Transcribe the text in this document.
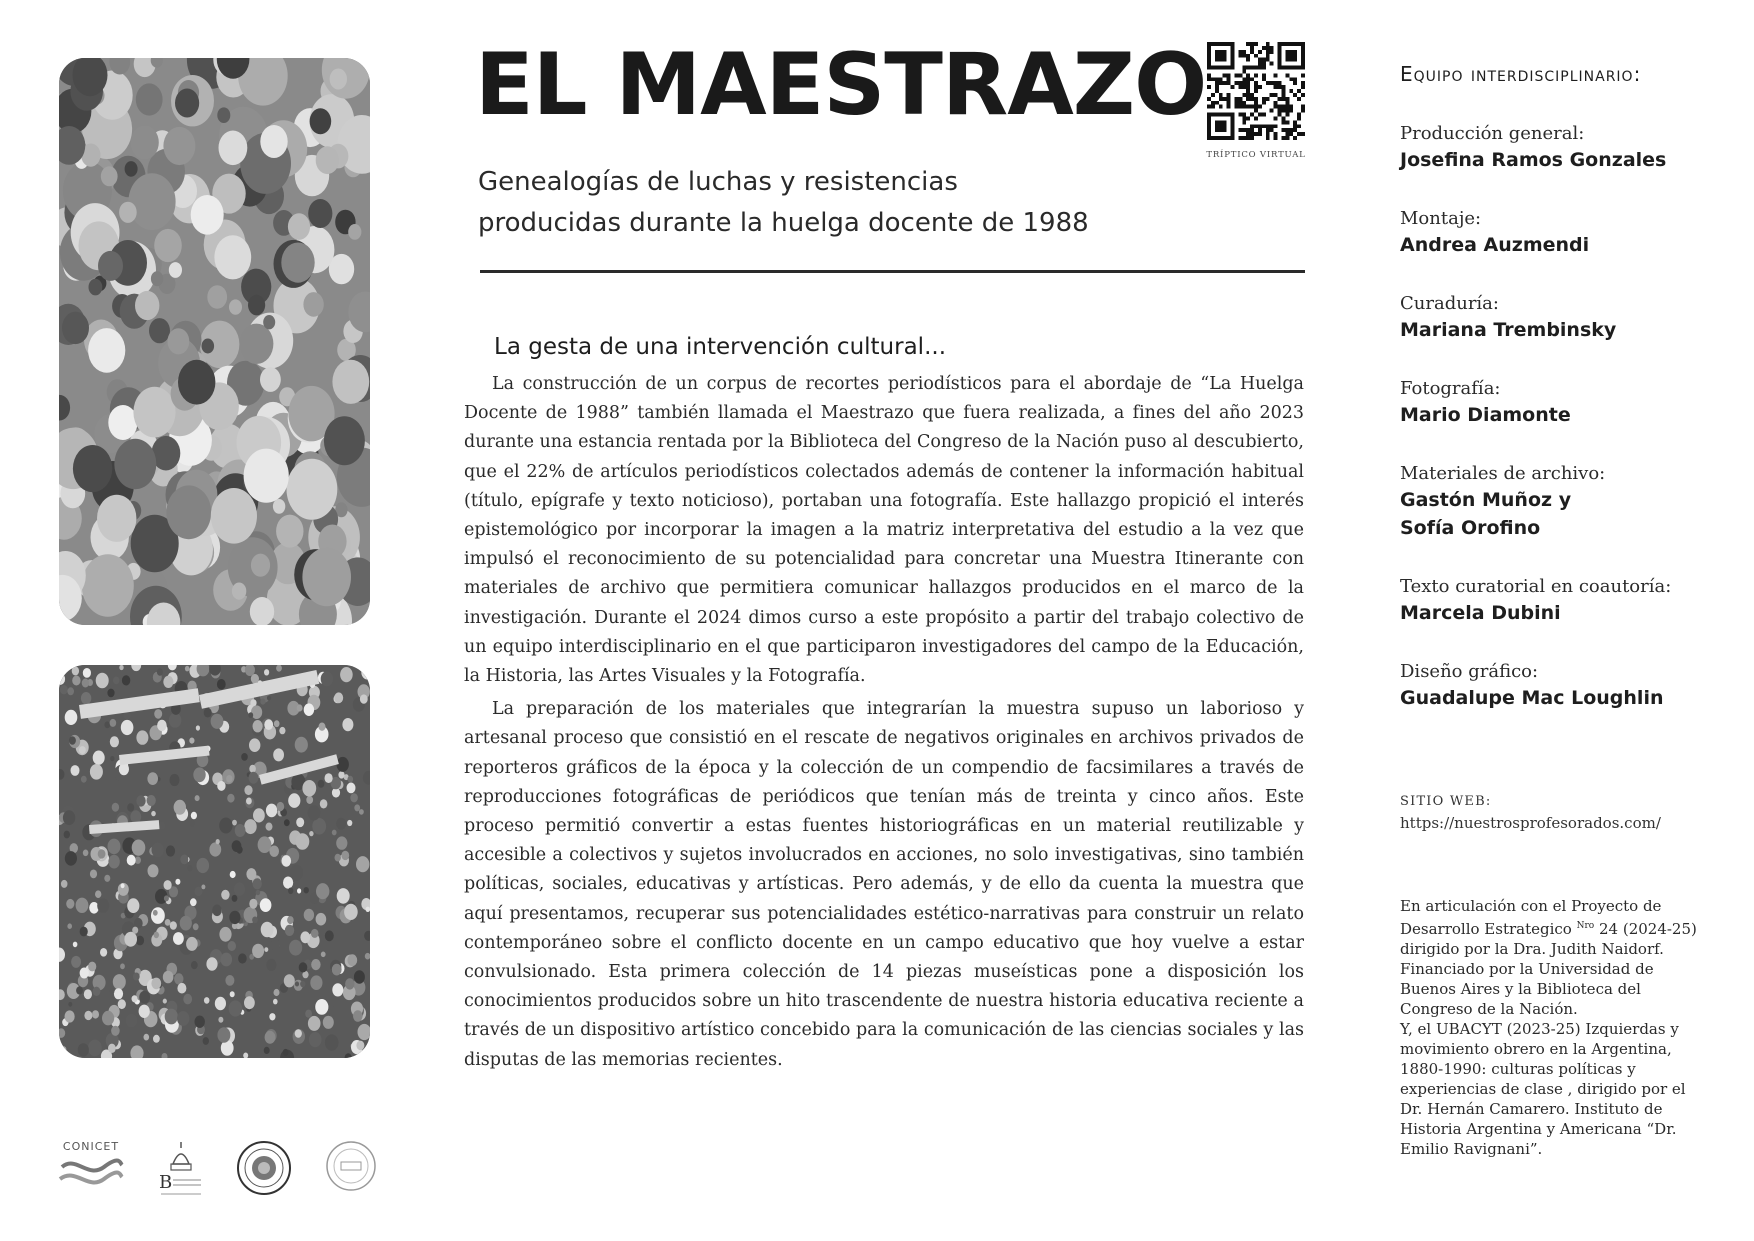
CONICET
B
EL MAESTRAZO
Genealogías de luchas y resistencias
producidas durante la huelga docente de 1988
TRÍPTICO VIRTUAL
La gesta de una intervención cultural...

La construcción de un corpus de recortes periodísticos para el abordaje de “La Huelga Docente de 1988” también llamada el Maestrazo que fuera realizada, a fines del año 2023 durante una estancia rentada por la Biblioteca del Congreso de la Nación puso al descubierto, que el 22% de artículos periodísticos colectados además de contener la información habitual (título, epígrafe y texto noticioso), portaban una fotografía. Este hallazgo propició el interés epistemológico por incorporar la imagen a la matriz interpretativa del estudio a la vez que impulsó el reconocimiento de su potencialidad para concretar una Muestra Itinerante con materiales de archivo que permitiera comunicar hallazgos producidos en el marco de la investigación. Durante el 2024 dimos curso a este propósito a partir del trabajo colectivo de un equipo interdisciplinario en el que participaron investigadores del campo de la Educación, la Historia, las Artes Visuales y la Fotografía.

La preparación de los materiales que integrarían la muestra supuso un laborioso y artesanal proceso que consistió en el rescate de negativos originales en archivos privados de reporteros gráficos de la época y la colección de un compendio de facsimilares a través de reproducciones fotográficas de periódicos que tenían más de treinta y cinco años. Este proceso permitió convertir a estas fuentes historiográficas en un material reutilizable y accesible a colectivos y sujetos involucrados en acciones, no solo investigativas, sino también políticas, sociales, educativas y artísticas. Pero además, y de ello da cuenta la muestra que aquí presentamos, recuperar sus potencialidades estético-narrativas para construir un relato contemporáneo sobre el conflicto docente en un campo educativo que hoy vuelve a estar convulsionado. Esta primera colección de 14 piezas museísticas pone a disposición los conocimientos producidos sobre un hito trascendente de nuestra historia educativa reciente a través de un dispositivo artístico concebido para la comunicación de las ciencias sociales y las disputas de las memorias recientes.

Equipo interdisciplinario:
Producción general:
Josefina Ramos Gonzales
Montaje:
Andrea Auzmendi
Curaduría:
Mariana Trembinsky
Fotografía:
Mario Diamonte
Materiales de archivo:
Gastón Muñoz y
Sofía Orofino
Texto curatorial en coautoría:
Marcela Dubini
Diseño gráfico:
Guadalupe Mac Loughlin
SITIO WEB:
https://nuestrosprofesorados.com/

En articulación con el Proyecto de Desarrollo Estrategico $^{Nro}$ 24 (2024-25) dirigido por la Dra. Judith Naidorf. Financiado por la Universidad de Buenos Aires y la Biblioteca del Congreso de la Nación.

Y, el UBACYT (2023-25) Izquierdas y movimiento obrero en la Argentina, 1880-1990: culturas políticas y experiencias de clase , dirigido por el Dr. Hernán Camarero. Instituto de Historia Argentina y Americana “Dr. Emilio Ravignani”.
